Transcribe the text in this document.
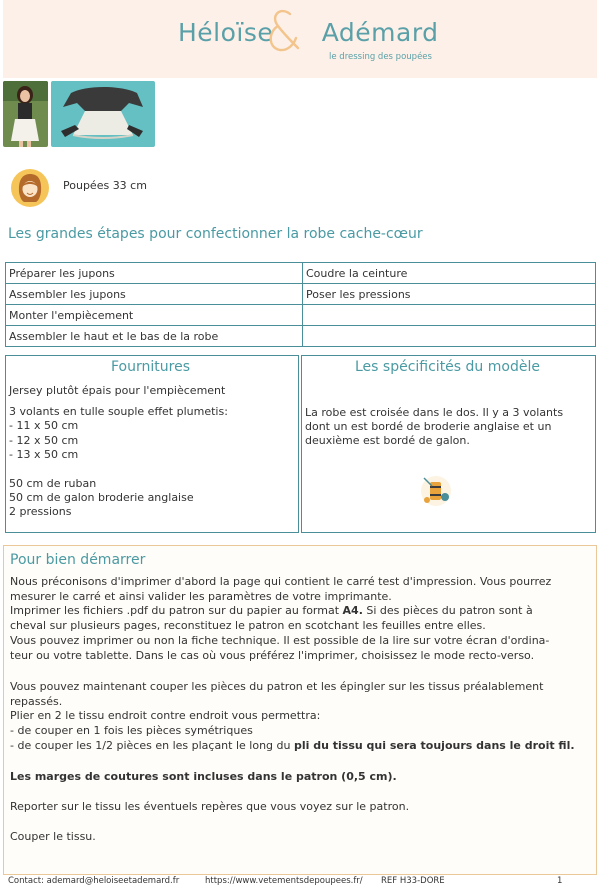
Héloïse Adémard
le dressing des poupées
Poupées 33 cm
Les grandes étapes pour confectionner la robe cache-cœur
Préparer les jupons	Coudre la ceinture
Assembler les jupons	Poser les pressions
Monter l'empiècement	
Assembler le haut et le bas de la robe	
Fournitures
Jersey plutôt épais pour l'empiècement
3 volants en tulle souple effet plumetis:
- 11 x 50 cm
- 12 x 50 cm
- 13 x 50 cm
50 cm de ruban
50 cm de galon broderie anglaise
2 pressions
Les spécificités du modèle
La robe est croisée dans le dos. Il y a 3 volants
dont un est bordé de broderie anglaise et un
deuxième est bordé de galon.
Pour bien démarrer
Nous préconisons d'imprimer d'abord la page qui contient le carré test d'impression. Vous pourrez
mesurer le carré et ainsi valider les paramètres de votre imprimante.
Imprimer les fichiers .pdf du patron sur du papier au format A4. Si des pièces du patron sont à
cheval sur plusieurs pages, reconstituez le patron en scotchant les feuilles entre elles.
Vous pouvez imprimer ou non la fiche technique. Il est possible de la lire sur votre écran d'ordina-
teur ou votre tablette. Dans le cas où vous préférez l'imprimer, choisissez le mode recto-verso.
Vous pouvez maintenant couper les pièces du patron et les épingler sur les tissus préalablement
repassés.
Plier en 2 le tissu endroit contre endroit vous permettra:
- de couper en 1 fois les pièces symétriques
- de couper les 1/2 pièces en les plaçant le long du pli du tissu qui sera toujours dans le droit fil.
Les marges de coutures sont incluses dans le patron (0,5 cm).
Reporter sur le tissu les éventuels repères que vous voyez sur le patron.
Couper le tissu.
Contact: ademard@heloiseetademard.fr	https://www.vetementsdepoupees.fr/ REF H33-DORE	1
